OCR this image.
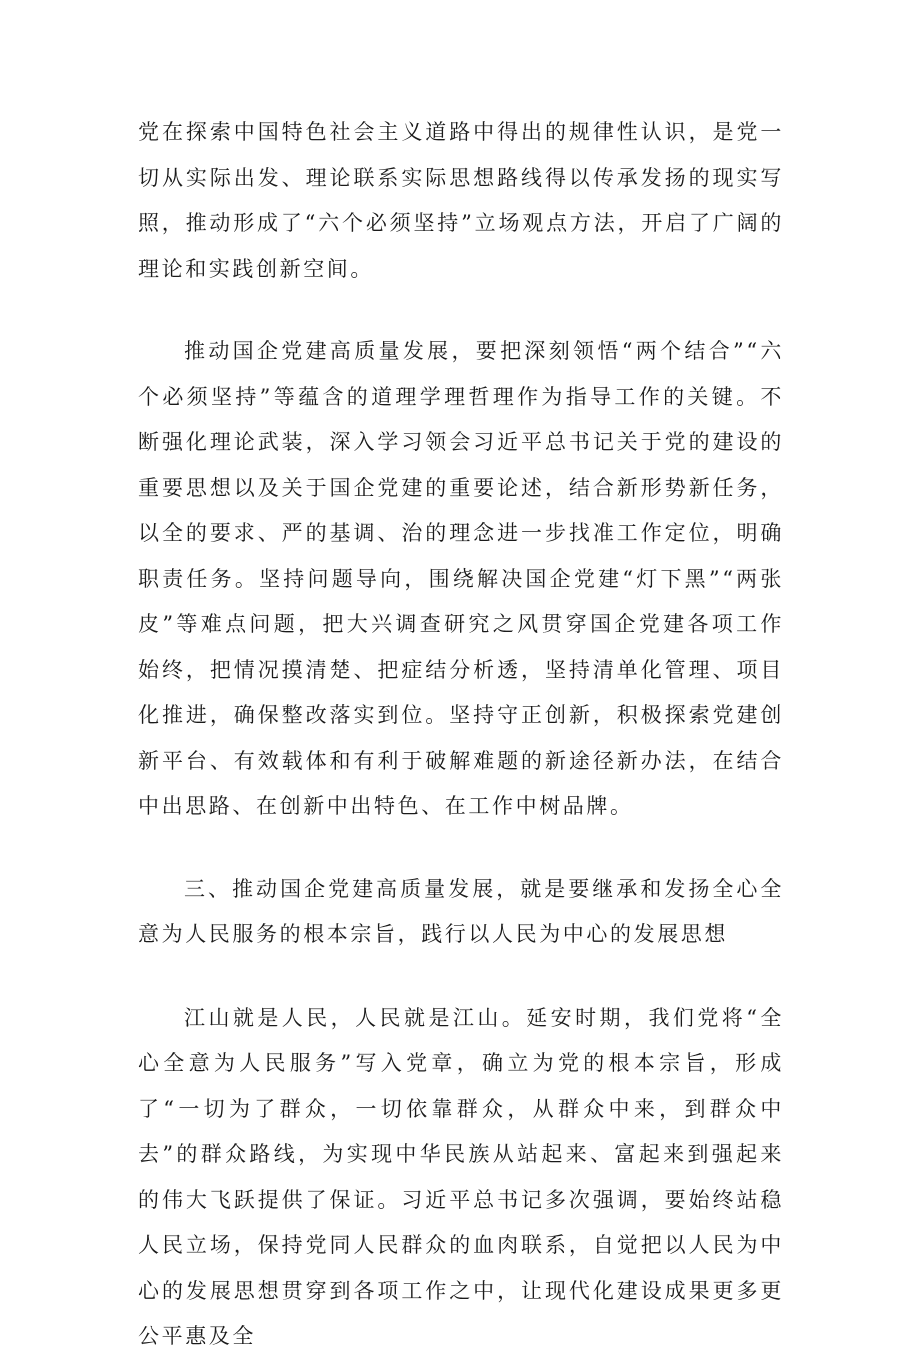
党在探索中国特色社会主义道路中得出的规律性认识，是党一切从实际出发、理论联系实际思想路线得以传承发扬的现实写照，推动形成了“六个必须坚持”立场观点方法，开启了广阔的理论和实践创新空间。

推动国企党建高质量发展，要把深刻领悟“两个结合”“六个必须坚持”等蕴含的道理学理哲理作为指导工作的关键。不断强化理论武装，深入学习领会习近平总书记关于党的建设的重要思想以及关于国企党建的重要论述，结合新形势新任务，以全的要求、严的基调、治的理念进一步找准工作定位，明确职责任务。坚持问题导向，围绕解决国企党建“灯下黑”“两张皮”等难点问题，把大兴调查研究之风贯穿国企党建各项工作始终，把情况摸清楚、把症结分析透，坚持清单化管理、项目化推进，确保整改落实到位。坚持守正创新，积极探索党建创新平台、有效载体和有利于破解难题的新途径新办法，在结合中出思路、在创新中出特色、在工作中树品牌。

三、推动国企党建高质量发展，就是要继承和发扬全心全意为人民服务的根本宗旨，践行以人民为中心的发展思想

江山就是人民，人民就是江山。延安时期，我们党将“全心全意为人民服务”写入党章，确立为党的根本宗旨，形成了“一切为了群众，一切依靠群众，从群众中来，到群众中去”的群众路线，为实现中华民族从站起来、富起来到强起来的伟大飞跃提供了保证。习近平总书记多次强调，要始终站稳人民立场，保持党同人民群众的血肉联系，自觉把以人民为中心的发展思想贯穿到各项工作之中，让现代化建设成果更多更公平惠及全
